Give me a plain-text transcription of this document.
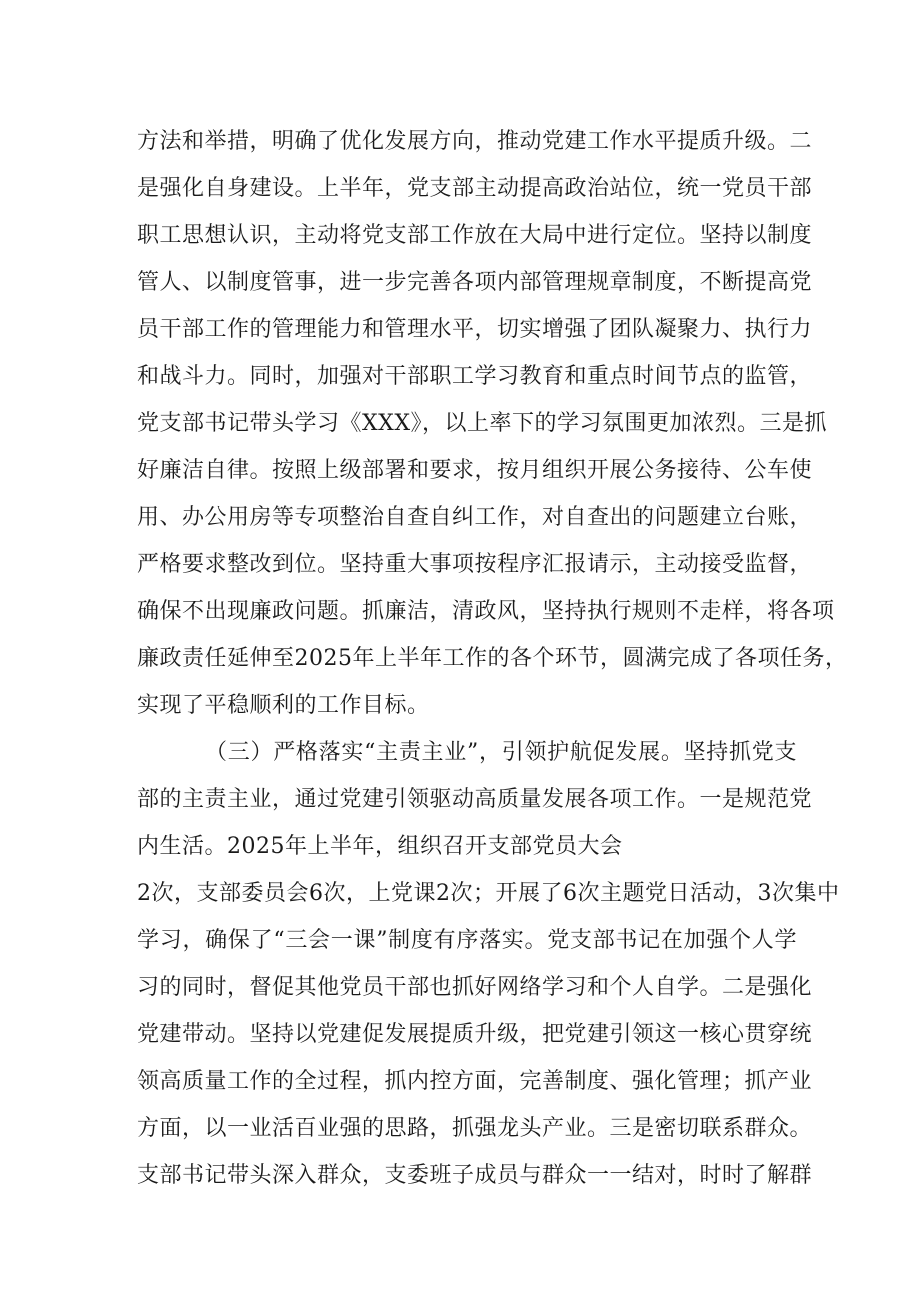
方法和举措，明确了优化发展方向，推动党建工作水平提质升级。二
是强化自身建设。上半年，党支部主动提高政治站位，统一党员干部
职工思想认识，主动将党支部工作放在大局中进行定位。坚持以制度
管人、以制度管事，进一步完善各项内部管理规章制度，不断提高党
员干部工作的管理能力和管理水平，切实增强了团队凝聚力、执行力
和战斗力。同时，加强对干部职工学习教育和重点时间节点的监管，
党支部书记带头学习《XXX》，以上率下的学习氛围更加浓烈。三是抓
好廉洁自律。按照上级部署和要求，按月组织开展公务接待、公车使
用、办公用房等专项整治自查自纠工作，对自查出的问题建立台账，
严格要求整改到位。坚持重大事项按程序汇报请示，主动接受监督，
确保不出现廉政问题。抓廉洁，清政风，坚持执行规则不走样，将各项
廉政责任延伸至2025年上半年工作的各个环节，圆满完成了各项任务，
实现了平稳顺利的工作目标。
（三）严格落实“主责主业”，引领护航促发展。坚持抓党支
部的主责主业，通过党建引领驱动高质量发展各项工作。一是规范党
内生活。2025年上半年，组织召开支部党员大会
2次，支部委员会6次，上党课2次；开展了6次主题党日活动，3次集中
学习，确保了“三会一课”制度有序落实。党支部书记在加强个人学
习的同时，督促其他党员干部也抓好网络学习和个人自学。二是强化
党建带动。坚持以党建促发展提质升级，把党建引领这一核心贯穿统
领高质量工作的全过程，抓内控方面，完善制度、强化管理；抓产业
方面，以一业活百业强的思路，抓强龙头产业。三是密切联系群众。
支部书记带头深入群众，支委班子成员与群众一一结对，时时了解群
